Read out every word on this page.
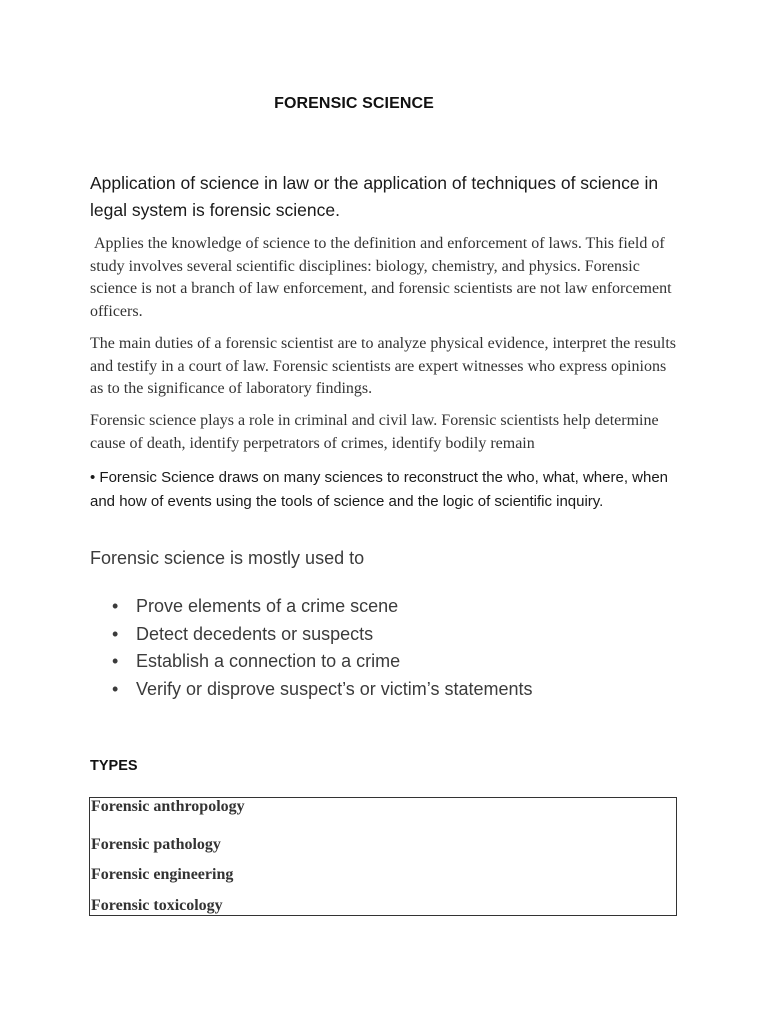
FORENSIC SCIENCE
Application of science in law or the application of techniques of science in legal system is forensic science.
Applies the knowledge of science to the definition and enforcement of laws. This field of study involves several scientific disciplines: biology, chemistry, and physics. Forensic science is not a branch of law enforcement, and forensic scientists are not law enforcement officers.
The main duties of a forensic scientist are to analyze physical evidence, interpret the results and testify in a court of law. Forensic scientists are expert witnesses who express opinions as to the significance of laboratory findings.
Forensic science plays a role in criminal and civil law. Forensic scientists help determine cause of death, identify perpetrators of crimes, identify bodily remain
• Forensic Science draws on many sciences to reconstruct the who, what, where, when and how of events using the tools of science and the logic of scientific inquiry.
Forensic science is mostly used to
• Prove elements of a crime scene
• Detect decedents or suspects
• Establish a connection to a crime
• Verify or disprove suspect’s or victim’s statements
TYPES
Forensic anthropology
Forensic pathology
Forensic engineering
Forensic toxicology
